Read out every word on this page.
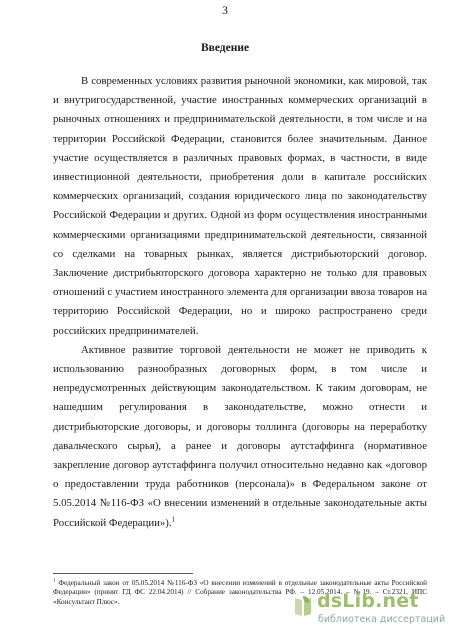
3
Введение

В современных условиях развития рыночной экономики, как мировой, так и внутригосударственной, участие иностранных коммерческих организаций в рыночных отношениях и предпринимательской деятельности, в том числе и на территории Российской Федерации, становится более значительным. Данное участие осуществляется в различных правовых формах, в частности, в виде инвестиционной деятельности, приобретения доли в капитале российских коммерческих организаций, создания юридического лица по законодательству Российской Федерации и других. Одной из форм осуществления иностранными коммерческими организациями предпринимательской деятельности, связанной со сделками на товарных рынках, является дистрибьюторский договор. Заключение дистрибьюторского договора характерно не только для правовых отношений с участием иностранного элемента для организации ввоза товаров на территорию Российской Федерации, но и широко распространено среди российских предпринимателей.

Активное развитие торговой деятельности не может не приводить к использованию разнообразных договорных форм, в том числе и непредусмотренных действующим законодательством. К таким договорам, не нашедшим регулирования в законодательстве, можно отнести и дистрибьюторские договоры, и договоры толлинга (договоры на переработку давальческого сырья), а ранее и договоры аутстаффинга (нормативное закрепление договор аутстаффинга получил относительно недавно как «договор о предоставлении труда работников (персонала)» в Федеральном законе от 5.05.2014 №116-ФЗ «О внесении изменений в отдельные законодательные акты Российской Федерации»).$^1$

$^1$ Федеральный закон от 05.05.2014 №116-ФЗ «О внесении изменений в отдельные законодательные акты Российской Федерации» (принят ГД ФС 22.04.2014) // Собрание законодательства РФ. – 12.05.2014. – №19. – Ст.2321, ИПС «Консультант Плюс».	dsLib.net
библиотека диссертаций
